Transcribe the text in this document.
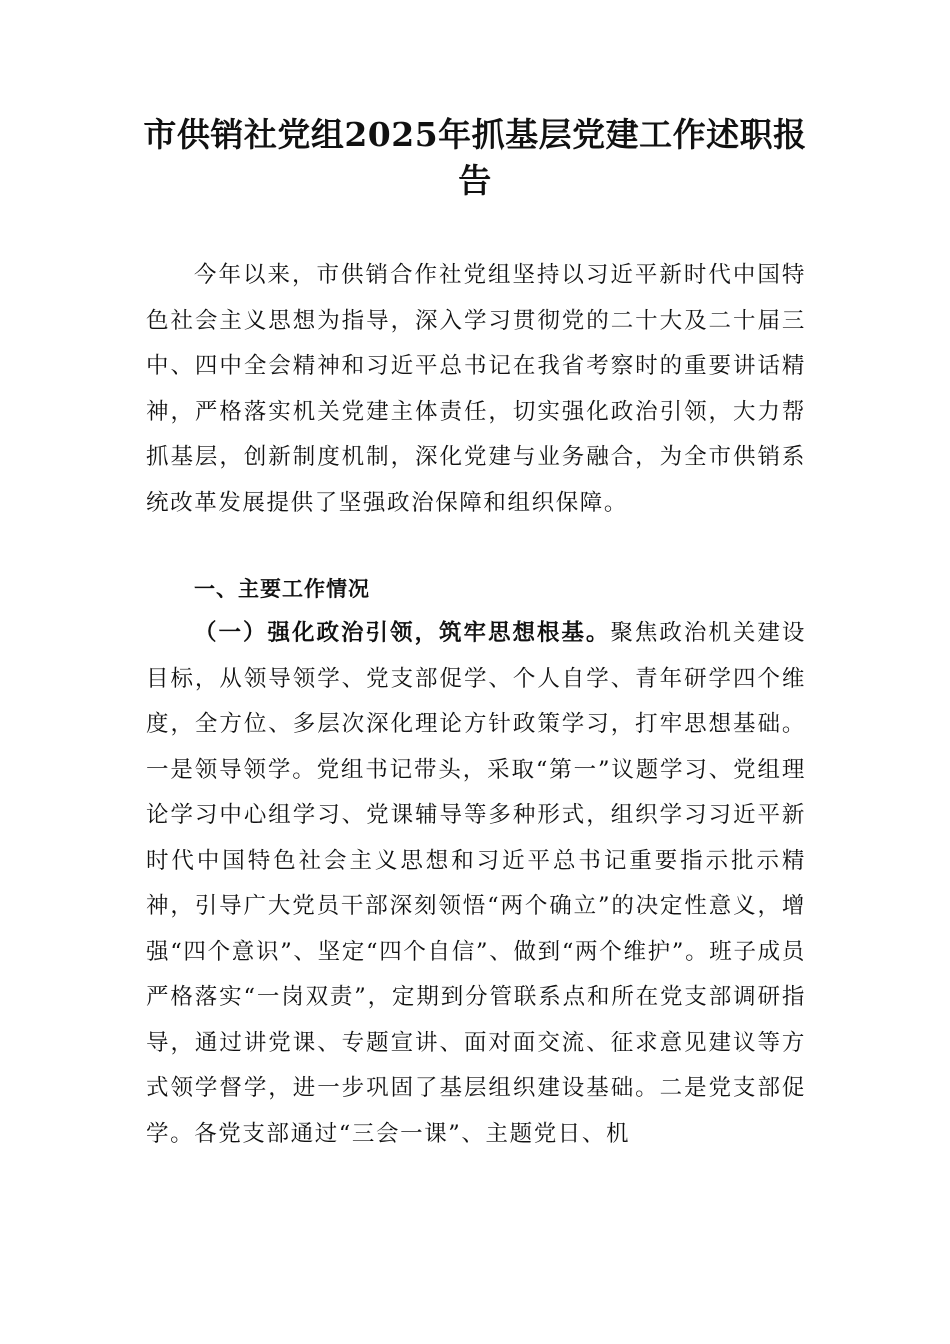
市供销社党组2025年抓基层党建工作述职报告

今年以来，市供销合作社党组坚持以习近平新时代中国特色社会主义思想为指导，深入学习贯彻党的二十大及二十届三中、四中全会精神和习近平总书记在我省考察时的重要讲话精神，严格落实机关党建主体责任，切实强化政治引领，大力帮抓基层，创新制度机制，深化党建与业务融合，为全市供销系统改革发展提供了坚强政治保障和组织保障。

一、主要工作情况

（一）强化政治引领，筑牢思想根基。聚焦政治机关建设目标，从领导领学、党支部促学、个人自学、青年研学四个维度，全方位、多层次深化理论方针政策学习，打牢思想基础。一是领导领学。党组书记带头，采取“第一”议题学习、党组理论学习中心组学习、党课辅导等多种形式，组织学习习近平新时代中国特色社会主义思想和习近平总书记重要指示批示精神，引导广大党员干部深刻领悟“两个确立”的决定性意义，增强“四个意识”、坚定“四个自信”、做到“两个维护”。班子成员严格落实“一岗双责”，定期到分管联系点和所在党支部调研指导，通过讲党课、专题宣讲、面对面交流、征求意见建议等方式领学督学，进一步巩固了基层组织建设基础。二是党支部促学。各党支部通过“三会一课”、主题党日、机
